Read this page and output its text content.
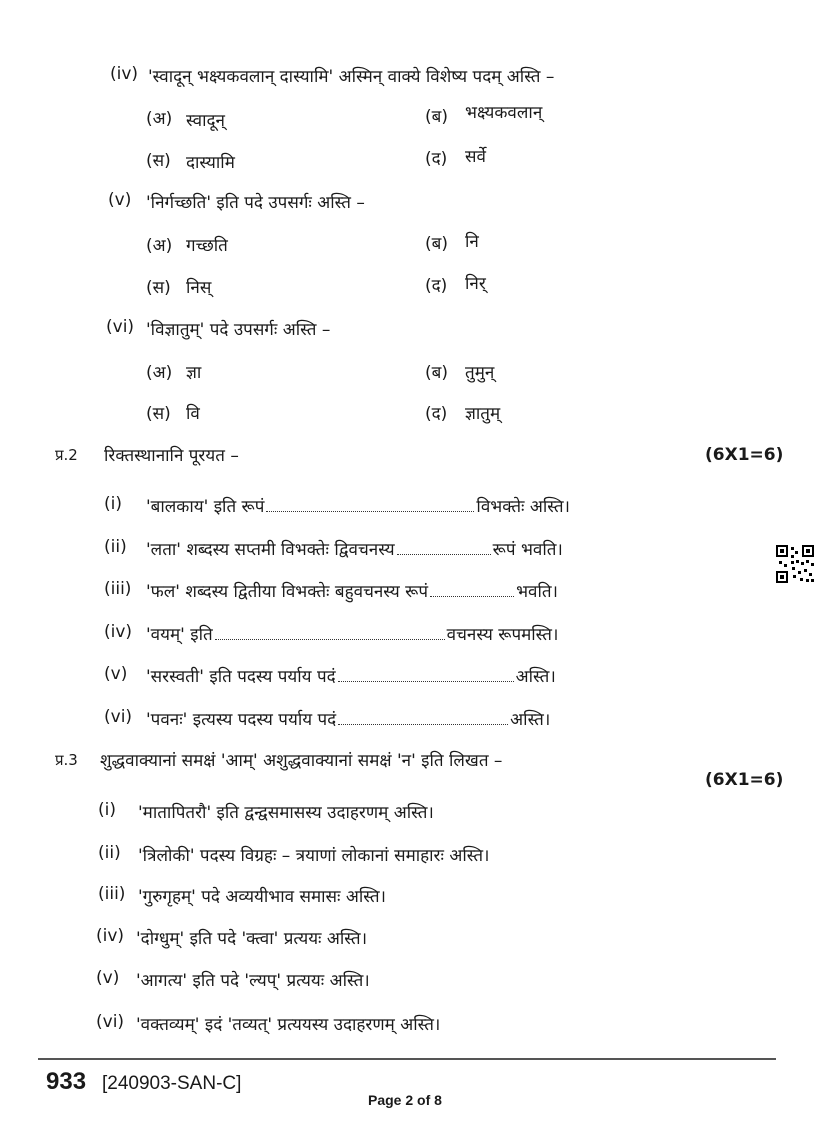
(iv) 'स्वादून् भक्ष्यकवलान् दास्यामि' अस्मिन् वाक्ये विशेष्य पदम् अस्ति –
(अ) स्वादून्	(ब) भक्ष्यकवलान्
(स) दास्यामि	(द) सर्वे
(v) 'निर्गच्छति' इति पदे उपसर्गः अस्ति –
(अ) गच्छति	(ब) नि
(स) निस्	(द) निर्
(vi) 'विज्ञातुम्' पदे उपसर्गः अस्ति –
(अ) ज्ञा	(ब) तुमुन्
(स) वि	(द) ज्ञातुम्
प्र.2 रिक्तस्थानानि पूरयत –	(6X1=6)
(i) 'बालकाय' इति रूपं	विभक्तेः अस्ति।
(ii) 'लता' शब्दस्य सप्तमी विभक्तेः द्विवचनस्य	रूपं भवति।
(iii) 'फल' शब्दस्य द्वितीया विभक्तेः बहुवचनस्य रूपं	भवति।
(iv) 'वयम्' इति	वचनस्य रूपमस्ति।
(v) 'सरस्वती' इति पदस्य पर्याय पदं	अस्ति।
(vi) 'पवनः' इत्यस्य पदस्य पर्याय पदं	अस्ति।
प्र.3 शुद्धवाक्यानां समक्षं 'आम्' अशुद्धवाक्यानां समक्षं 'न' इति लिखत –
(6X1=6)
(i) 'मातापितरौ' इति द्वन्द्वसमासस्य उदाहरणम् अस्ति।
(ii) 'त्रिलोकी' पदस्य विग्रहः – त्रयाणां लोकानां समाहारः अस्ति।
(iii) 'गुरुगृहम्' पदे अव्ययीभाव समासः अस्ति।
(iv) 'दोग्धुम्' इति पदे 'क्त्वा' प्रत्ययः अस्ति।
(v) 'आगत्य' इति पदे 'ल्यप्' प्रत्ययः अस्ति।
(vi) 'वक्तव्यम्' इदं 'तव्यत्' प्रत्ययस्य उदाहरणम् अस्ति।
933 [240903-SAN-C]
Page 2 of 8
